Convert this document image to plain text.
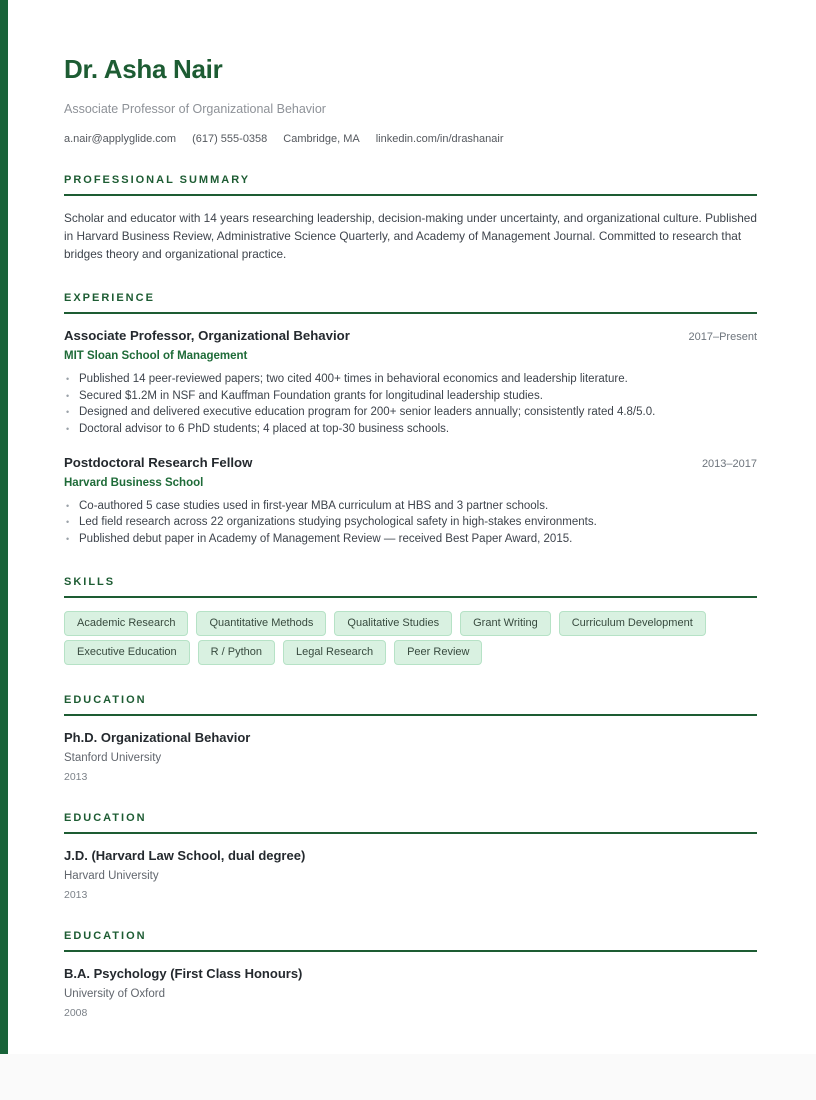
Dr. Asha Nair
Associate Professor of Organizational Behavior
a.nair@applyglide.com (617) 555-0358 Cambridge, MA linkedin.com/in/drashanair
PROFESSIONAL SUMMARY

Scholar and educator with 14 years researching leadership, decision-making under uncertainty, and organizational culture. Published in Harvard Business Review, Administrative Science Quarterly, and Academy of Management Journal. Committed to research that bridges theory and organizational practice.

EXPERIENCE
Associate Professor, Organizational Behavior	2017–Present
MIT Sloan School of Management
• Published 14 peer-reviewed papers; two cited 400+ times in behavioral economics and leadership literature.
• Secured $1.2M in NSF and Kauffman Foundation grants for longitudinal leadership studies.
• Designed and delivered executive education program for 200+ senior leaders annually; consistently rated 4.8/5.0.
• Doctoral advisor to 6 PhD students; 4 placed at top-30 business schools.
Postdoctoral Research Fellow	2013–2017
Harvard Business School
• Co-authored 5 case studies used in first-year MBA curriculum at HBS and 3 partner schools.
• Led field research across 22 organizations studying psychological safety in high-stakes environments.
• Published debut paper in Academy of Management Review — received Best Paper Award, 2015.
SKILLS
Academic Research	Quantitative Methods	Qualitative Studies	Grant Writing	Curriculum Development
Executive Education	R / Python	Legal Research	Peer Review
EDUCATION
Ph.D. Organizational Behavior
Stanford University
2013
EDUCATION
J.D. (Harvard Law School, dual degree)
Harvard University
2013
EDUCATION
B.A. Psychology (First Class Honours)
University of Oxford
2008
